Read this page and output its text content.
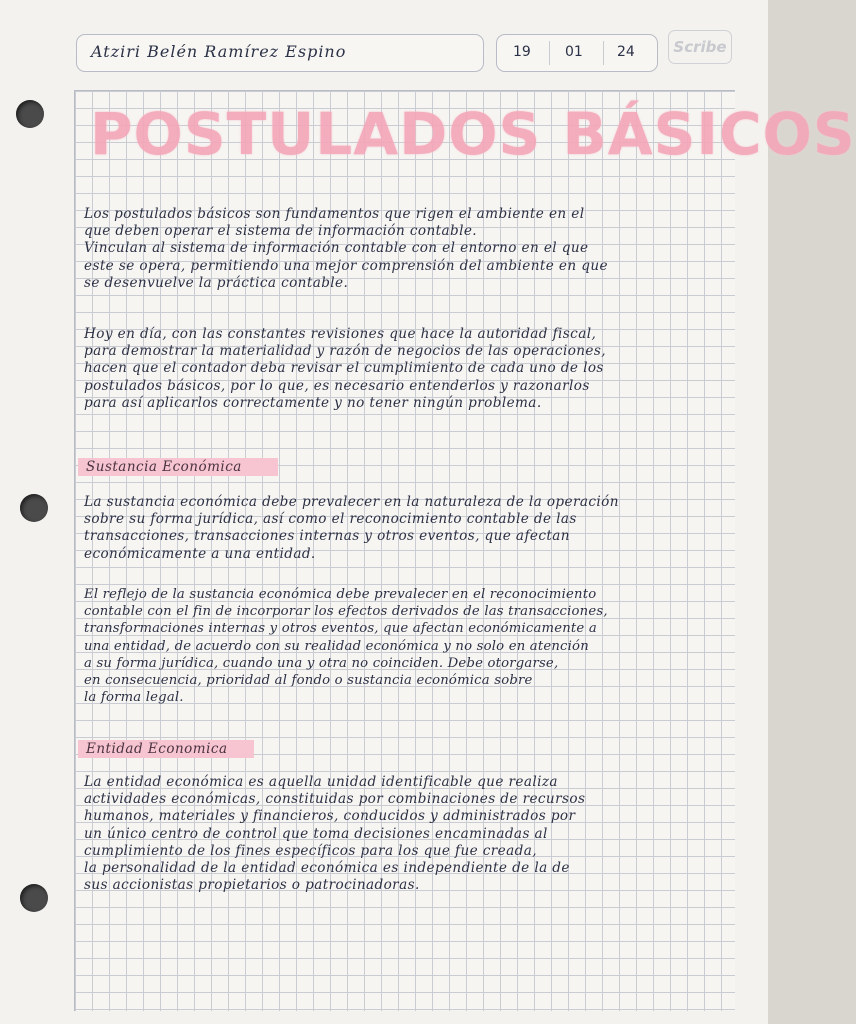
Atziri Belén Ramírez Espino	19 01 24	Scribe
POSTULADOS BÁSICOS
Los postulados básicos son fundamentos que rigen el ambiente en el
que deben operar el sistema de información contable.
Vinculan al sistema de información contable con el entorno en el que
este se opera, permitiendo una mejor comprensión del ambiente en que
se desenvuelve la práctica contable.
Hoy en día, con las constantes revisiones que hace la autoridad fiscal,
para demostrar la materialidad y razón de negocios de las operaciones,
hacen que el contador deba revisar el cumplimiento de cada uno de los
postulados básicos, por lo que, es necesario entenderlos y razonarlos
para así aplicarlos correctamente y no tener ningún problema.
Sustancia Económica
La sustancia económica debe prevalecer en la naturaleza de la operación
sobre su forma jurídica, así como el reconocimiento contable de las
transacciones, transacciones internas y otros eventos, que afectan
económicamente a una entidad.
El reflejo de la sustancia económica debe prevalecer en el reconocimiento
contable con el fin de incorporar los efectos derivados de las transacciones,
transformaciones internas y otros eventos, que afectan económicamente a
una entidad, de acuerdo con su realidad económica y no solo en atención
a su forma jurídica, cuando una y otra no coinciden. Debe otorgarse,
en consecuencia, prioridad al fondo o sustancia económica sobre
la forma legal.
Entidad Economica
La entidad económica es aquella unidad identificable que realiza
actividades económicas, constituidas por combinaciones de recursos
humanos, materiales y financieros, conducidos y administrados por
un único centro de control que toma decisiones encaminadas al
cumplimiento de los fines específicos para los que fue creada,
la personalidad de la entidad económica es independiente de la de
sus accionistas propietarios o patrocinadoras.
